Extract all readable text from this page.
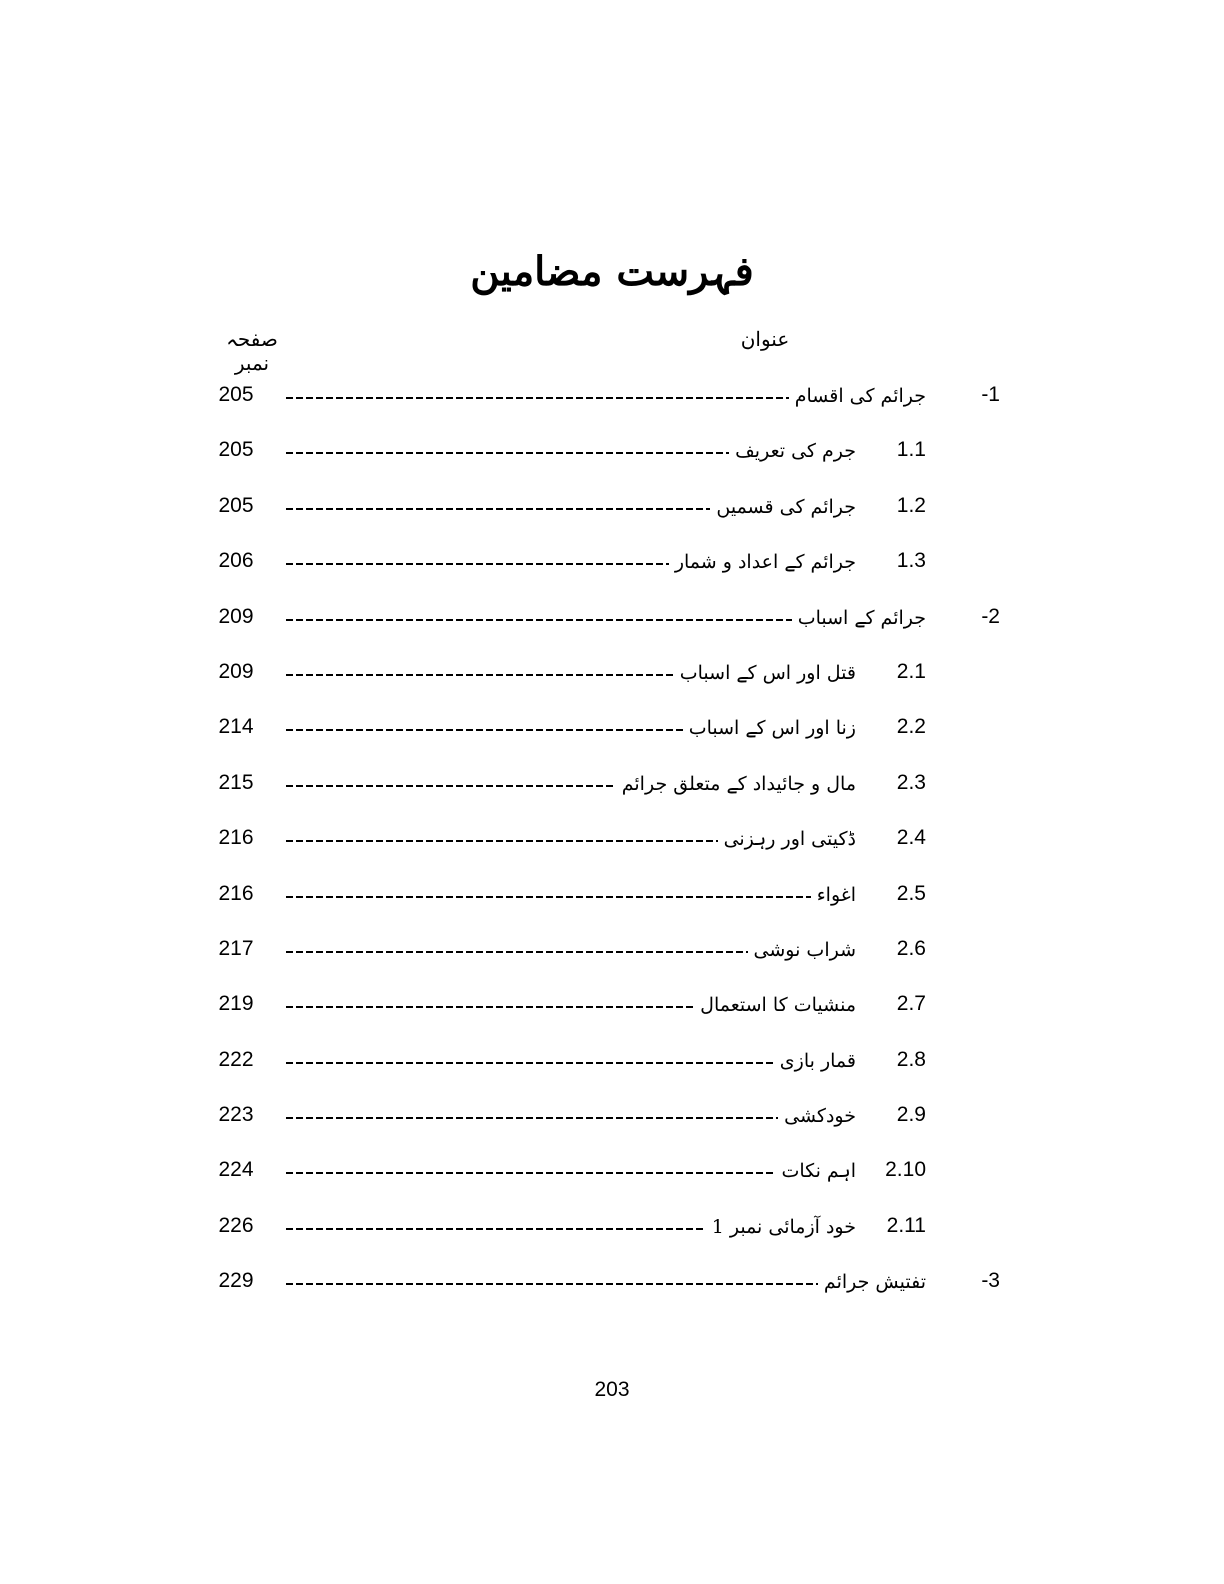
فہرست مضامین
صفحہ نمبر
عنوان
205	جرائم کی اقسام	-1
205	جرم کی تعریف	1.1
205	جرائم کی قسمیں	1.2
206	جرائم کے اعداد و شمار	1.3
209	جرائم کے اسباب	-2
209	قتل اور اس کے اسباب	2.1
214	زنا اور اس کے اسباب	2.2
215	مال و جائیداد کے متعلق جرائم	2.3
216	ڈکیتی اور رہزنی	2.4
216	اغواء	2.5
217	شراب نوشی	2.6
219	منشیات کا استعمال	2.7
222	قمار بازی	2.8
223	خودکشی	2.9
224	اہم نکات	2.10
226	خود آزمائی نمبر 1	2.11
229	تفتیش جرائم	-3
203
